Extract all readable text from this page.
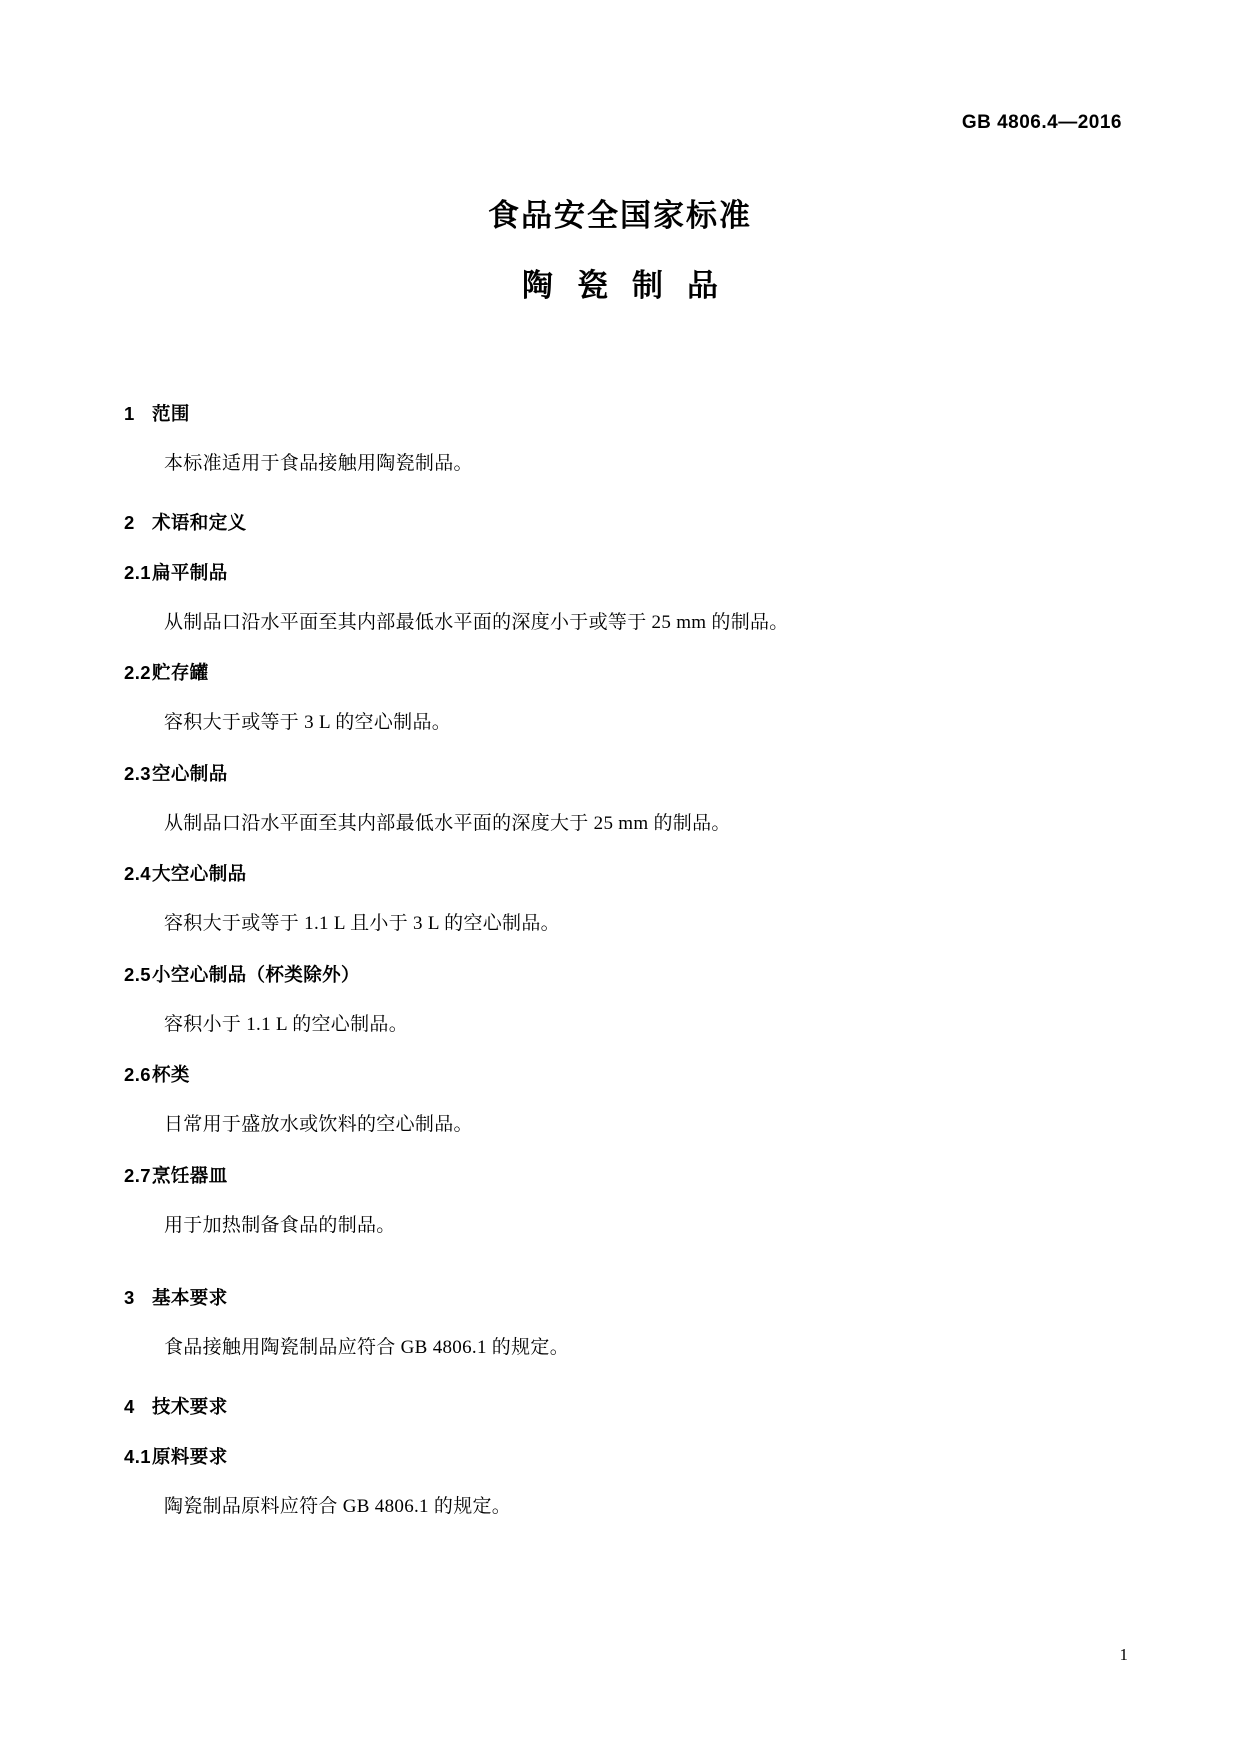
GB 4806.4—2016
食品安全国家标准
陶瓷制品
1 范围
本标准适用于食品接触用陶瓷制品。
2 术语和定义
2.1扁平制品
从制品口沿水平面至其内部最低水平面的深度小于或等于 25 mm 的制品。
2.2贮存罐
容积大于或等于 3 L 的空心制品。
2.3空心制品
从制品口沿水平面至其内部最低水平面的深度大于 25 mm 的制品。
2.4大空心制品
容积大于或等于 1.1 L 且小于 3 L 的空心制品。
2.5小空心制品（杯类除外）
容积小于 1.1 L 的空心制品。
2.6杯类
日常用于盛放水或饮料的空心制品。
2.7烹饪器皿
用于加热制备食品的制品。
3 基本要求
食品接触用陶瓷制品应符合 GB 4806.1 的规定。
4 技术要求
4.1原料要求
陶瓷制品原料应符合 GB 4806.1 的规定。
1
